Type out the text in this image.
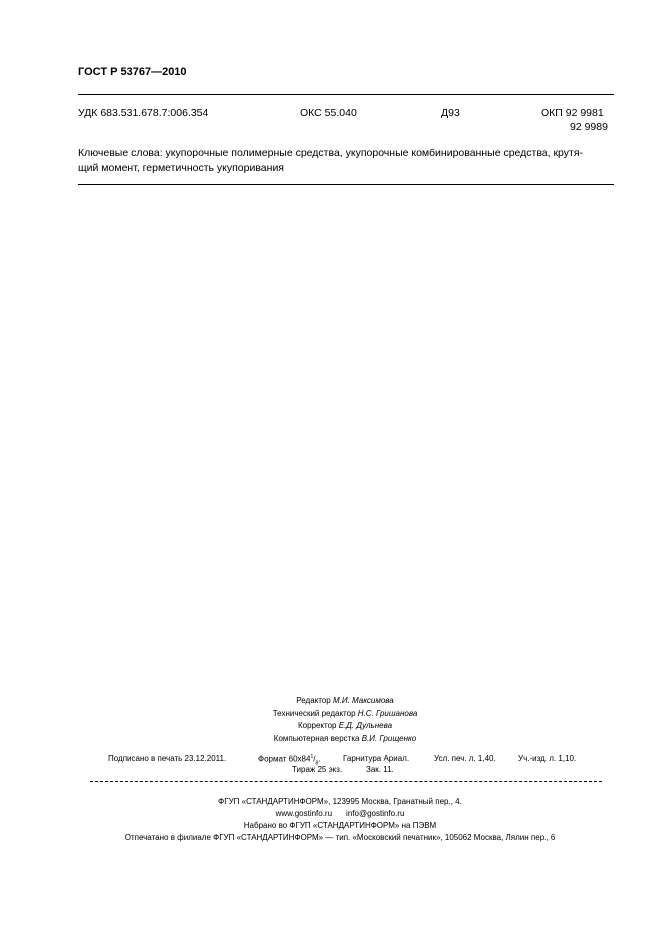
ГОСТ Р 53767—2010
УДК 683.531.678.7:006.354	ОКС 55.040	Д93	ОКП 92 9981
92 9989
Ключевые слова: укупорочные полимерные средства, укупорочные комбинированные средства, крутя-
щий момент, герметичность укупоривания
Редактор М.И. Максимова
Технический редактор Н.С. Гришанова
Корректор Е.Д. Дульнева
Компьютерная верстка В.И. Грищенко
Подписано в печать 23.12.2011.	Формат $60x84^1/_8$.	Гарнитура Ариал.	Усл. печ. л. 1,40.	Уч.-изд. л. 1,10.
Тираж 25 экз.	Зак. 11.
ФГУП «СТАНДАРТИНФОРМ», 123995 Москва, Гранатный пер., 4.
www.gostinfo.ru info@gostinfo.ru
Набрано во ФГУП «СТАНДАРТИНФОРМ» на ПЭВМ
Отпечатано в филиале ФГУП «СТАНДАРТИНФОРМ» — тип. «Московский печатник», 105062 Москва, Лялин пер., 6
